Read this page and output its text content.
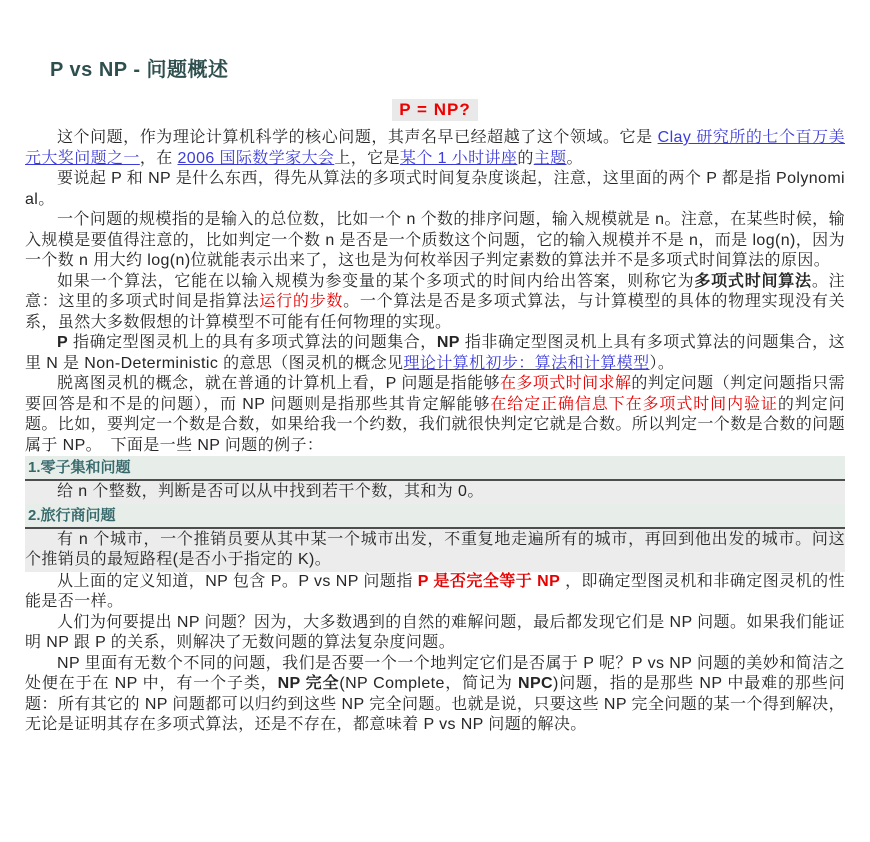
P vs NP - 问题概述
P = NP?

这个问题，作为理论计算机科学的核心问题，其声名早已经超越了这个领域。它是 Clay 研究所的七个百万美元大奖问题之一，在 2006 国际数学家大会上，它是某个 1 小时讲座的主题。

要说起 P 和 NP 是什么东西，得先从算法的多项式时间复杂度谈起，注意，这里面的两个 P 都是指 Polynomial。

一个问题的规模指的是输入的总位数，比如一个 n 个数的排序问题，输入规模就是 n。注意，在某些时候，输入规模是要值得注意的，比如判定一个数 n 是否是一个质数这个问题，它的输入规模并不是 n，而是 log(n)，因为一个数 n 用大约 log(n)位就能表示出来了，这也是为何枚举因子判定素数的算法并不是多项式时间算法的原因。

如果一个算法，它能在以输入规模为参变量的某个多项式的时间内给出答案，则称它为多项式时间算法。注意：这里的多项式时间是指算法运行的步数。一个算法是否是多项式算法，与计算模型的具体的物理实现没有关系，虽然大多数假想的计算模型不可能有任何物理的实现。

P 指确定型图灵机上的具有多项式算法的问题集合，NP 指非确定型图灵机上具有多项式算法的问题集合，这里 N 是 Non-Deterministic 的意思（图灵机的概念见理论计算机初步：算法和计算模型）。

脱离图灵机的概念，就在普通的计算机上看，P 问题是指能够在多项式时间求解的判定问题（判定问题指只需要回答是和不是的问题），而 NP 问题则是指那些其肯定解能够在给定正确信息下在多项式时间内验证的判定问题。比如，要判定一个数是合数，如果给我一个约数，我们就很快判定它就是合数。所以判定一个数是合数的问题属于 NP。　下面是一些 NP 问题的例子：

1.零子集和问题

给 n 个整数，判断是否可以从中找到若干个数，其和为 0。

2.旅行商问题

有 n 个城市，一个推销员要从其中某一个城市出发，不重复地走遍所有的城市，再回到他出发的城市。问这个推销员的最短路程(是否小于指定的 K)。

从上面的定义知道，NP 包含 P。P vs NP 问题指 P 是否完全等于 NP ，即确定型图灵机和非确定图灵机的性能是否一样。

人们为何要提出 NP 问题？因为，大多数遇到的自然的难解问题，最后都发现它们是 NP 问题。如果我们能证明 NP 跟 P 的关系，则解决了无数问题的算法复杂度问题。

NP 里面有无数个不同的问题，我们是否要一个一个地判定它们是否属于 P 呢？P vs NP 问题的美妙和简洁之处便在于在 NP 中，有一个子类，NP 完全(NP Complete，简记为 NPC)问题，指的是那些 NP 中最难的那些问题：所有其它的 NP 问题都可以归约到这些 NP 完全问题。也就是说，只要这些 NP 完全问题的某一个得到解决，无论是证明其存在多项式算法，还是不存在，都意味着 P vs NP 问题的解决。
